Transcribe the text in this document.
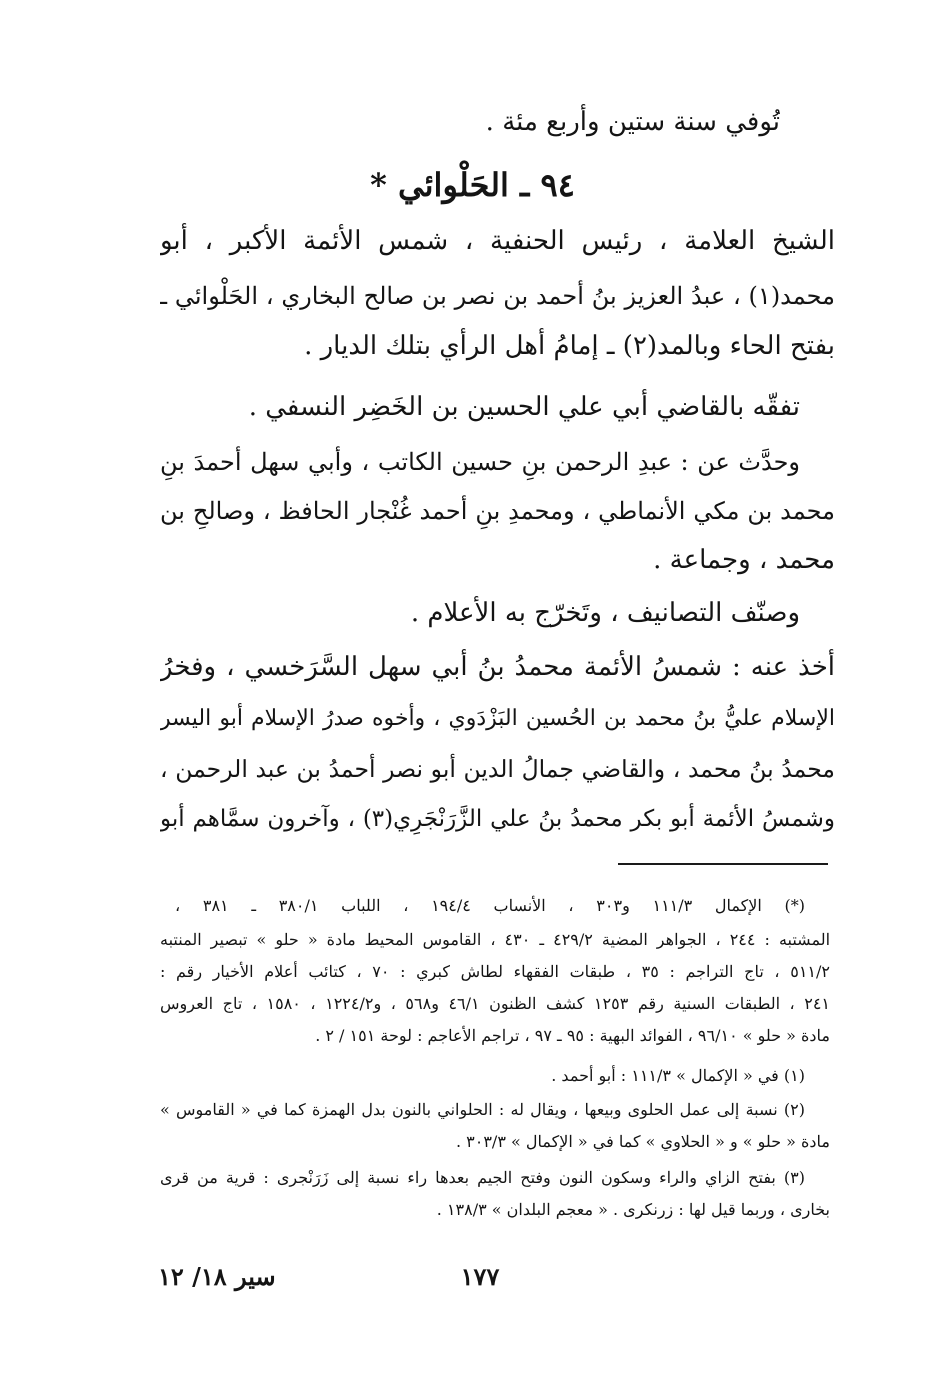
تُوفي سنة ستين وأربع مئة .
٩٤ ـ الحَلْوائي *
الشيخ العلامة ، رئيس الحنفية ، شمس الأئمة الأكبر ، أبو
محمد(١) ، عبدُ العزيز بنُ أحمد بن نصر بن صالح البخاري ، الحَلْوائي ـ
بفتح الحاء وبالمد(٢) ـ إمامُ أهل الرأي بتلك الديار .
تفقّه بالقاضي أبي علي الحسين بن الخَضِر النسفي .
وحدَّث عن : عبدِ الرحمن بنِ حسين الكاتب ، وأبي سهل أحمدَ بنِ
محمد بن مكي الأنماطي ، ومحمدِ بنِ أحمد غُنْجار الحافظ ، وصالحِ بن
محمد ، وجماعة .
وصنّف التصانيف ، وتَخرّج به الأعلام .
أخذ عنه : شمسُ الأئمة محمدُ بنُ أبي سهل السَّرَخسي ، وفخرُ
الإسلام عليُّ بنُ محمد بن الحُسين البَزْدَوي ، وأخوه صدرُ الإسلام أبو اليسر
محمدُ بنُ محمد ، والقاضي جمالُ الدين أبو نصر أحمدُ بن عبد الرحمن ،
وشمسُ الأئمة أبو بكر محمدُ بنُ علي الزَّرَنْجَرِي(٣) ، وآخرون سمَّاهم أبو
(*) الإكمال ١١١/٣ و٣٠٣ ، الأنساب ١٩٤/٤ ، اللباب ٣٨٠/١ ـ ٣٨١ ،
المشتبه : ٢٤٤ ، الجواهر المضية ٤٢٩/٢ ـ ٤٣٠ ، القاموس المحيط مادة « حلو » تبصير المنتبه
٥١١/٢ ، تاج التراجم : ٣٥ ، طبقات الفقهاء لطاش كبري : ٧٠ ، كتائب أعلام الأخيار رقم :
٢٤١ ، الطبقات السنية رقم ١٢٥٣ كشف الظنون ٤٦/١ و٥٦٨ ، و١٢٢٤/٢ ، ١٥٨٠ ، تاج العروس
مادة « حلو » ٩٦/١٠ ، الفوائد البهية : ٩٥ ـ ٩٧ ، تراجم الأعاجم : لوحة ١٥١ / ٢ .
(١) في « الإكمال » ١١١/٣ : أبو أحمد .
(٢) نسبة إلى عمل الحلوى وبيعها ، ويقال له : الحلواني بالنون بدل الهمزة كما في « القاموس »
مادة « حلو » و « الحلاوي » كما في « الإكمال » ٣٠٣/٣ .
(٣) بفتح الزاي والراء وسكون النون وفتح الجيم بعدها راء نسبة إلى زَرَنْجرى : قرية من قرى
بخارى ، وربما قيل لها : زرنكرى . « معجم البلدان » ١٣٨/٣ .
سير ١٨/ ١٢	١٧٧
